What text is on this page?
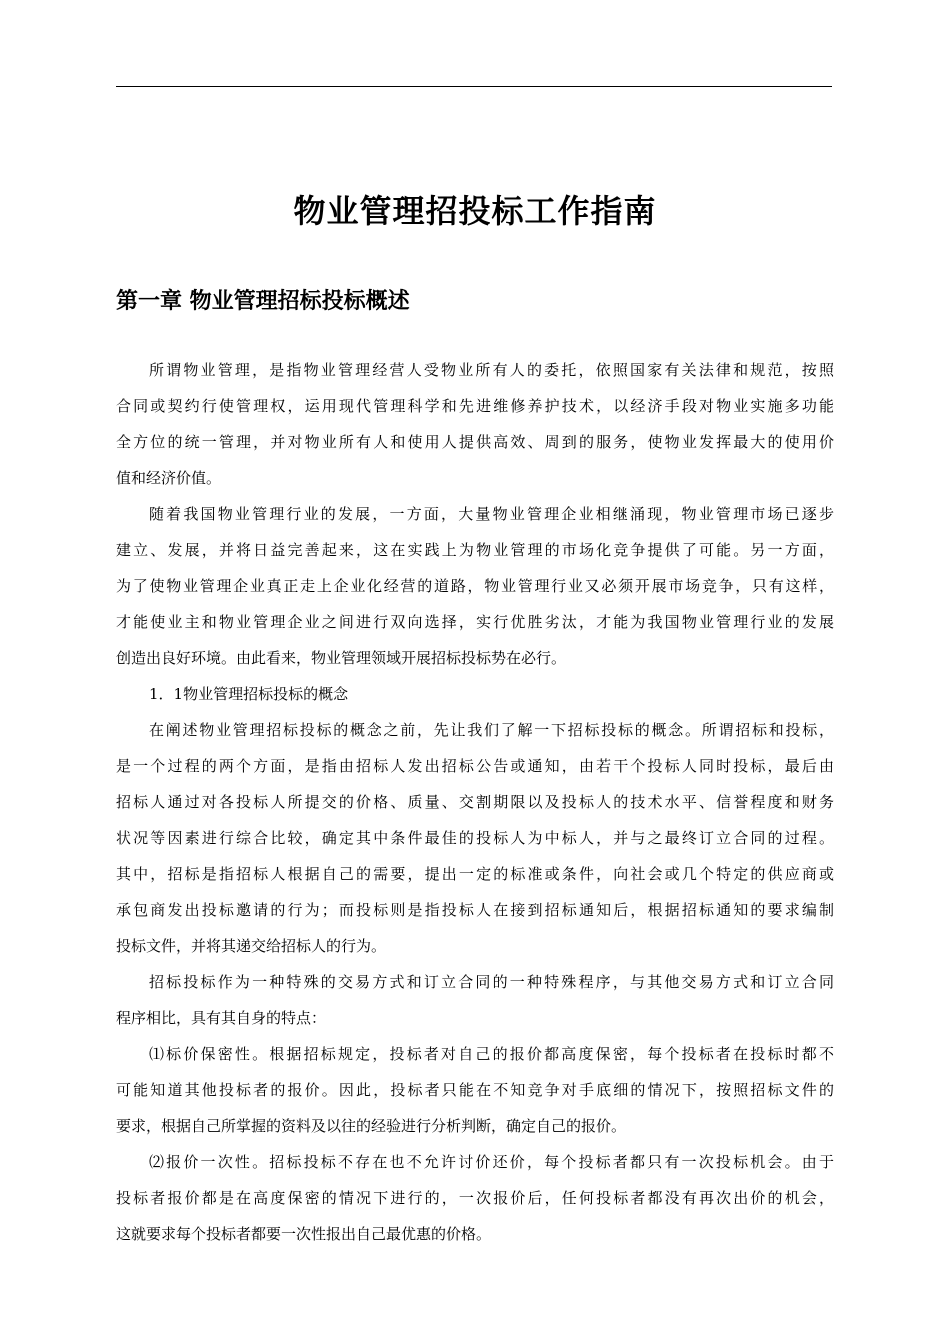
物业管理招投标工作指南
第一章 物业管理招标投标概述
所谓物业管理，是指物业管理经营人受物业所有人的委托，依照国家有关法律和规范，按照
合同或契约行使管理权，运用现代管理科学和先进维修养护技术，以经济手段对物业实施多功能
全方位的统一管理，并对物业所有人和使用人提供高效、周到的服务，使物业发挥最大的使用价
值和经济价值。
随着我国物业管理行业的发展，一方面，大量物业管理企业相继涌现，物业管理市场已逐步
建立、发展，并将日益完善起来，这在实践上为物业管理的市场化竞争提供了可能。另一方面，
为了使物业管理企业真正走上企业化经营的道路，物业管理行业又必须开展市场竞争，只有这样，
才能使业主和物业管理企业之间进行双向选择，实行优胜劣汰，才能为我国物业管理行业的发展
创造出良好环境。由此看来，物业管理领域开展招标投标势在必行。
1．1物业管理招标投标的概念
在阐述物业管理招标投标的概念之前，先让我们了解一下招标投标的概念。所谓招标和投标，
是一个过程的两个方面，是指由招标人发出招标公告或通知，由若干个投标人同时投标，最后由
招标人通过对各投标人所提交的价格、质量、交割期限以及投标人的技术水平、信誉程度和财务
状况等因素进行综合比较，确定其中条件最佳的投标人为中标人，并与之最终订立合同的过程。
其中，招标是指招标人根据自己的需要，提出一定的标准或条件，向社会或几个特定的供应商或
承包商发出投标邀请的行为；而投标则是指投标人在接到招标通知后，根据招标通知的要求编制
投标文件，并将其递交给招标人的行为。
招标投标作为一种特殊的交易方式和订立合同的一种特殊程序，与其他交易方式和订立合同
程序相比，具有其自身的特点：
⑴标价保密性。根据招标规定，投标者对自己的报价都高度保密，每个投标者在投标时都不
可能知道其他投标者的报价。因此，投标者只能在不知竞争对手底细的情况下，按照招标文件的
要求，根据自己所掌握的资料及以往的经验进行分析判断，确定自己的报价。
⑵报价一次性。招标投标不存在也不允许讨价还价，每个投标者都只有一次投标机会。由于
投标者报价都是在高度保密的情况下进行的，一次报价后，任何投标者都没有再次出价的机会，
这就要求每个投标者都要一次性报出自己最优惠的价格。
